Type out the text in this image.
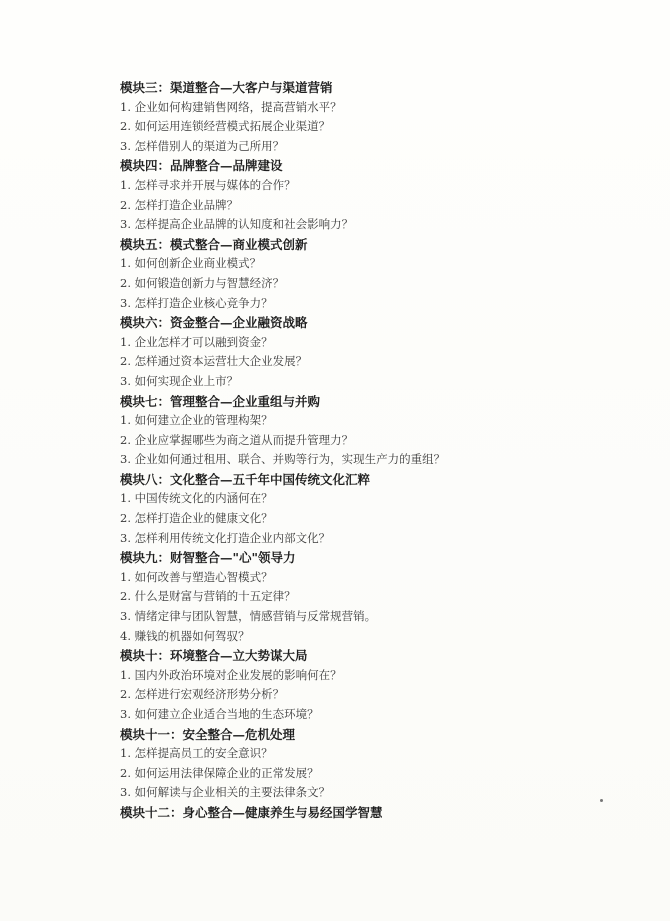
模块三：渠道整合—大客户与渠道营销
1. 企业如何构建销售网络，提高营销水平？
2. 如何运用连锁经营模式拓展企业渠道？
3. 怎样借别人的渠道为己所用？
模块四：品牌整合—品牌建设
1. 怎样寻求并开展与媒体的合作？
2. 怎样打造企业品牌？
3. 怎样提高企业品牌的认知度和社会影响力？
模块五：模式整合—商业模式创新
1. 如何创新企业商业模式？
2. 如何锻造创新力与智慧经济？
3. 怎样打造企业核心竞争力？
模块六：资金整合—企业融资战略
1. 企业怎样才可以融到资金？
2. 怎样通过资本运营壮大企业发展？
3. 如何实现企业上市？
模块七：管理整合—企业重组与并购
1. 如何建立企业的管理构架？
2. 企业应掌握哪些为商之道从而提升管理力？
3. 企业如何通过租用、联合、并购等行为，实现生产力的重组？
模块八：文化整合—五千年中国传统文化汇粹
1. 中国传统文化的内涵何在？
2. 怎样打造企业的健康文化？
3. 怎样利用传统文化打造企业内部文化？
模块九：财智整合—"心"领导力
1. 如何改善与塑造心智模式？
2. 什么是财富与营销的十五定律？
3. 情绪定律与团队智慧，情感营销与反常规营销。
4. 赚钱的机器如何驾驭？
模块十：环境整合—立大势谋大局
1. 国内外政治环境对企业发展的影响何在？
2. 怎样进行宏观经济形势分析？
3. 如何建立企业适合当地的生态环境？
模块十一：安全整合—危机处理
1. 怎样提高员工的安全意识？
2. 如何运用法律保障企业的正常发展？
3. 如何解读与企业相关的主要法律条文？
模块十二：身心整合—健康养生与易经国学智慧
